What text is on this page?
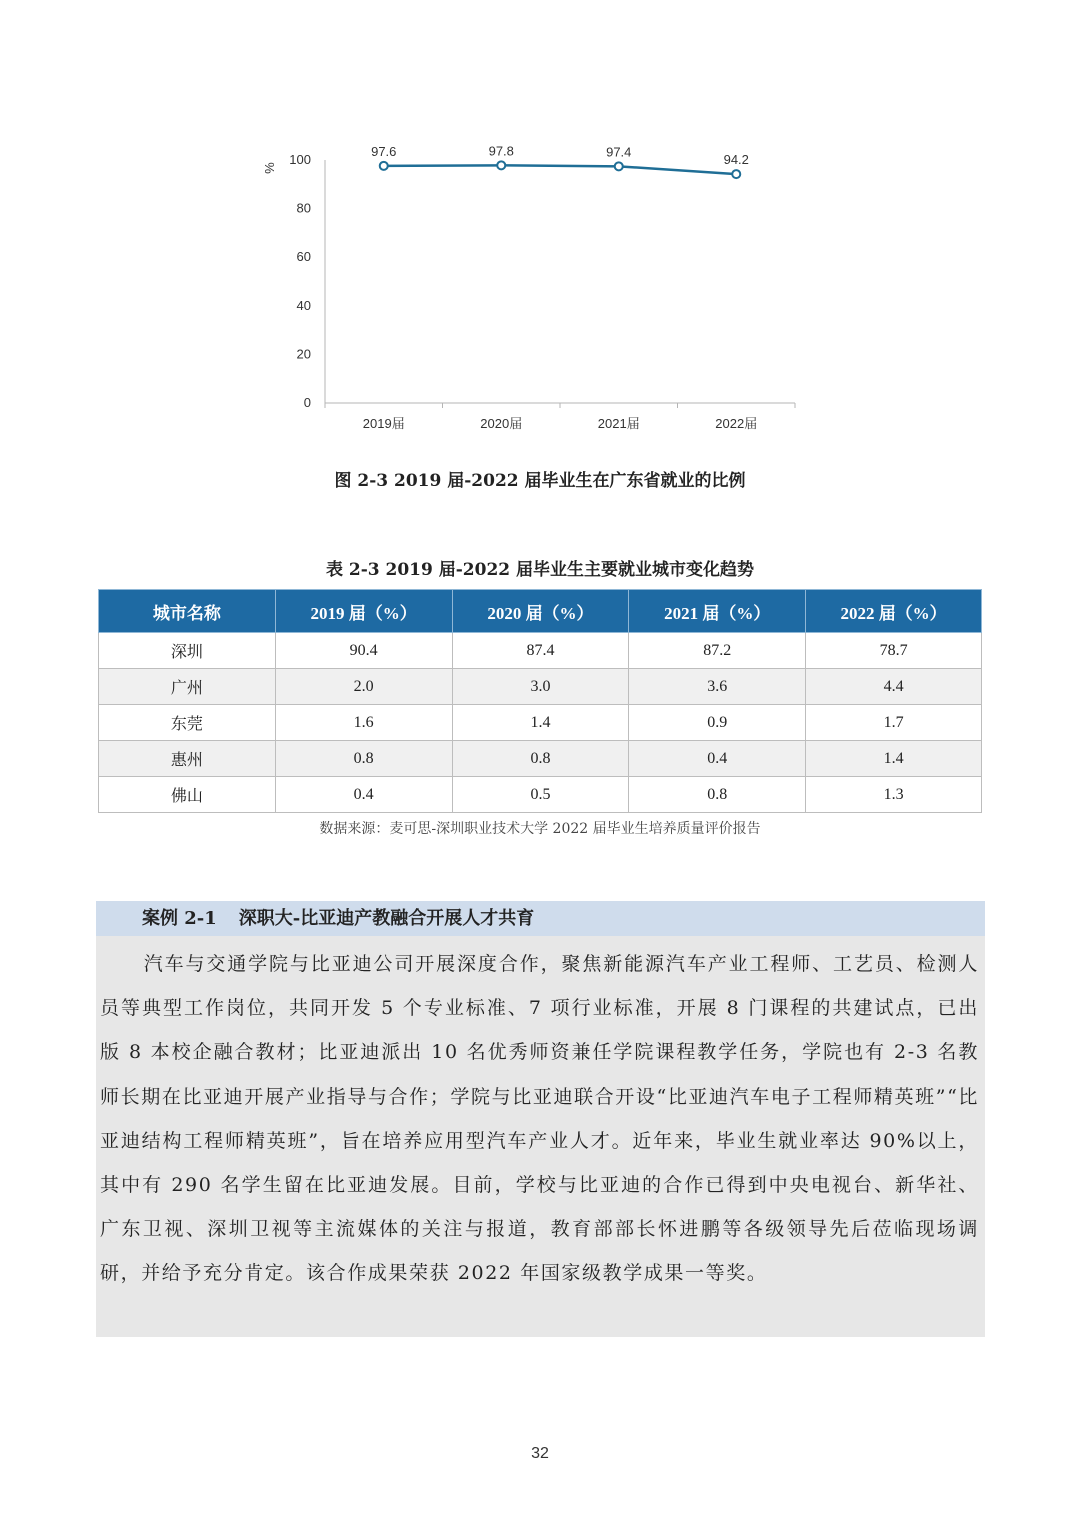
%
0
20
40
60
80
100
2019届	2020届	2021届	2022届
97.6	97.8	97.4
94.2
图 2-3 2019 届-2022 届毕业生在广东省就业的比例
表 2-3 2019 届-2022 届毕业生主要就业城市变化趋势
城市名称	2019 届（%）	2020 届（%）	2021 届（%）	2022 届（%）
深圳	90.4	87.4	87.2	78.7
广州	2.0	3.0	3.6	4.4
东莞	1.6	1.4	0.9	1.7
惠州	0.8	0.8	0.4	1.4
佛山	0.4	0.5	0.8	1.3
数据来源：麦可思-深圳职业技术大学 2022 届毕业生培养质量评价报告
案例 2-1 深职大-比亚迪产教融合开展人才共育
汽车与交通学院与比亚迪公司开展深度合作，聚焦新能源汽车产业工程师、工艺员、检测人员等典型工作岗位，共同开发 5 个专业标准、7 项行业标准，开展 8 门课程的共建试点，已出版 8 本校企融合教材；比亚迪派出 10 名优秀师资兼任学院课程教学任务，学院也有 2-3 名教师长期在比亚迪开展产业指导与合作；学院与比亚迪联合开设“比亚迪汽车电子工程师精英班”“比亚迪结构工程师精英班”，旨在培养应用型汽车产业人才。近年来，毕业生就业率达 90%以上，其中有 290 名学生留在比亚迪发展。目前，学校与比亚迪的合作已得到中央电视台、新华社、广东卫视、深圳卫视等主流媒体的关注与报道，教育部部长怀进鹏等各级领导先后莅临现场调研，并给予充分肯定。该合作成果荣获 2022 年国家级教学成果一等奖。
32
